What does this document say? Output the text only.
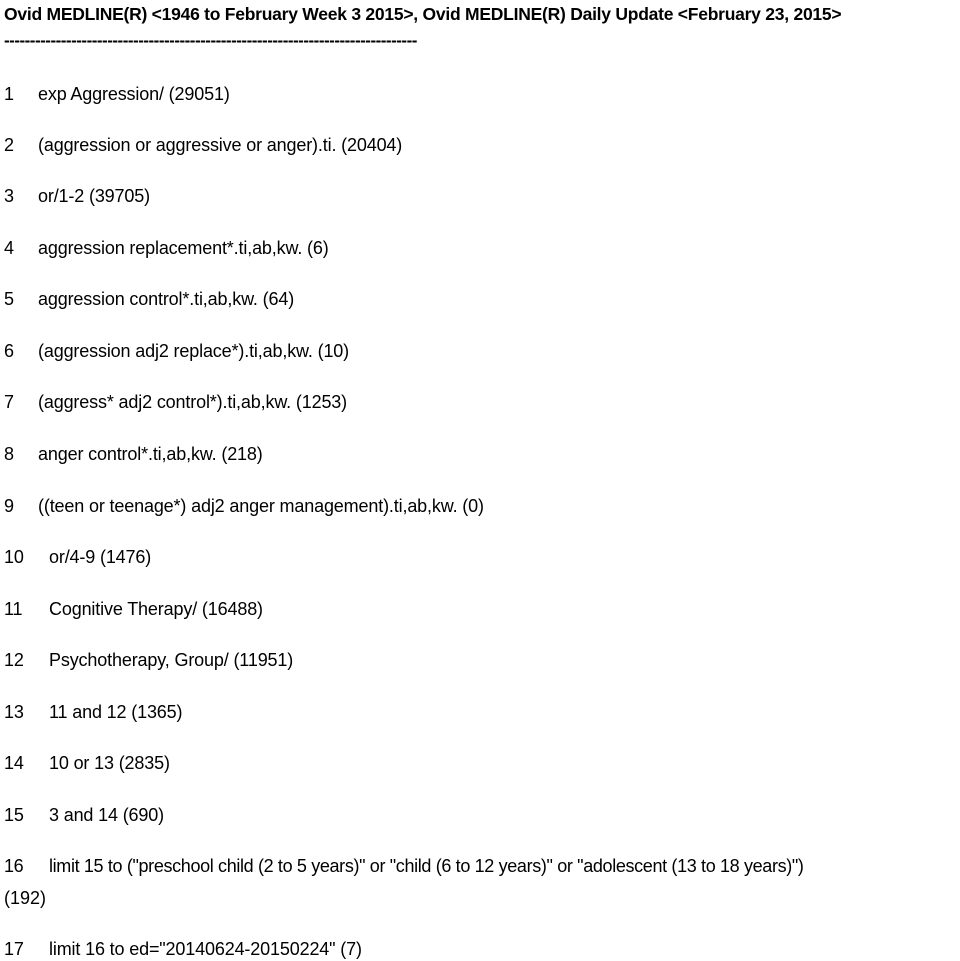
Ovid MEDLINE(R) <1946 to February Week 3 2015>, Ovid MEDLINE(R) Daily Update <February 23, 2015>
--------------------------------------------------------------------------------
1 exp Aggression/ (29051)
2 (aggression or aggressive or anger).ti. (20404)
3 or/1-2 (39705)
4 aggression replacement*.ti,ab,kw. (6)
5 aggression control*.ti,ab,kw. (64)
6 (aggression adj2 replace*).ti,ab,kw. (10)
7 (aggress* adj2 control*).ti,ab,kw. (1253)
8 anger control*.ti,ab,kw. (218)
9 ((teen or teenage*) adj2 anger management).ti,ab,kw. (0)
10 or/4-9 (1476)
11 Cognitive Therapy/ (16488)
12 Psychotherapy, Group/ (11951)
13 11 and 12 (1365)
14 10 or 13 (2835)
15 3 and 14 (690)
16 limit 15 to ("preschool child (2 to 5 years)" or "child (6 to 12 years)" or "adolescent (13 to 18 years)")
(192)
17 limit 16 to ed="20140624-20150224" (7)
